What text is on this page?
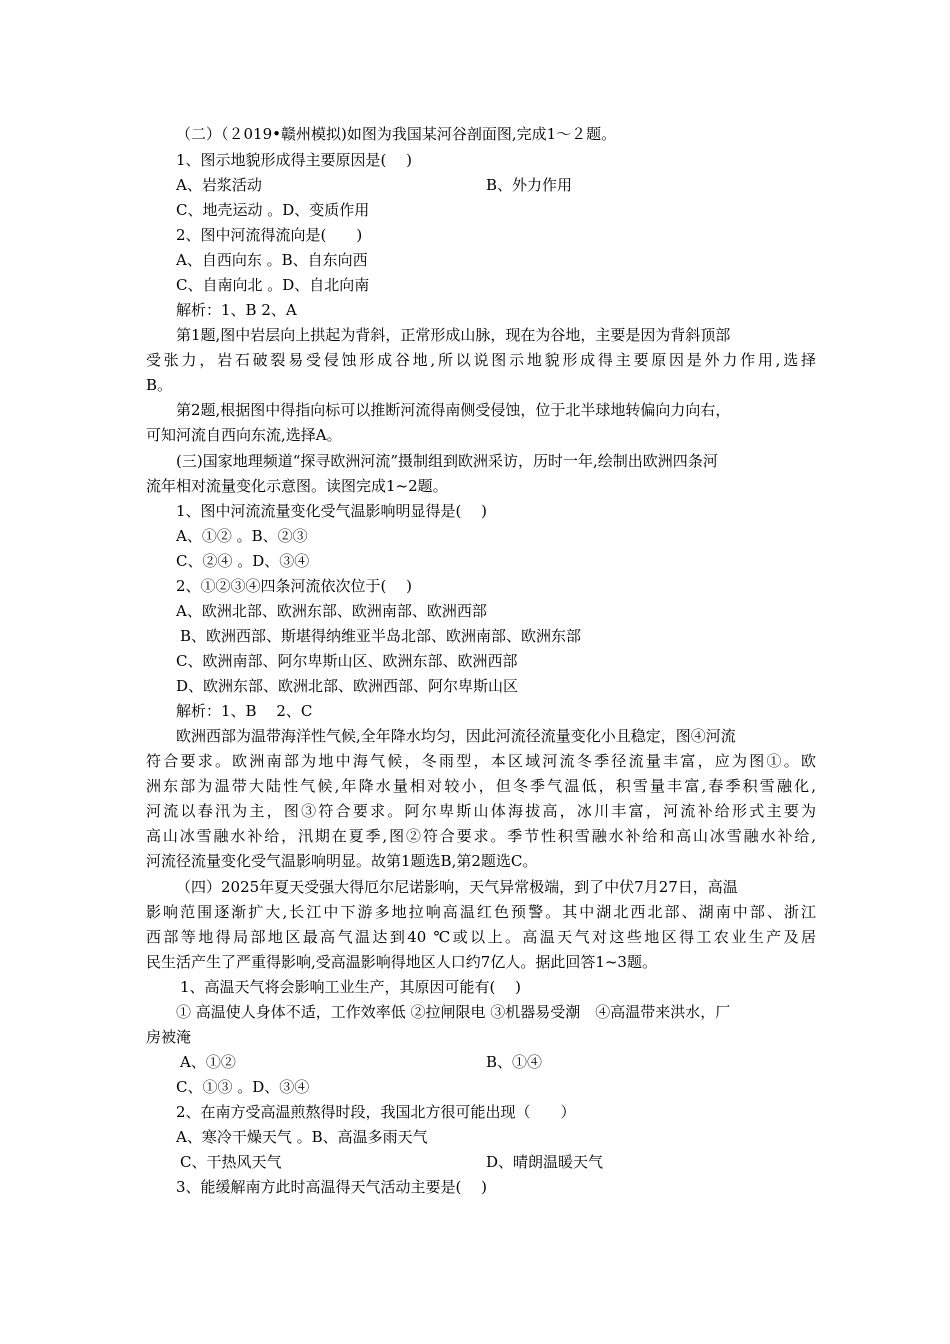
（二）（２019•赣州模拟)如图为我国某河谷剖面图,完成1～２题。
1、图示地貌形成得主要原因是(　 )
A、岩浆活动	B、外力作用
C、地壳运动 。D、变质作用
2、图中河流得流向是(　　)
A、自西向东 。B、自东向西
C、自南向北 。D、自北向南
解析：1、B 2、A
第1题,图中岩层向上拱起为背斜，正常形成山脉，现在为谷地，主要是因为背斜顶部
受张力，岩石破裂易受侵蚀形成谷地,所以说图示地貌形成得主要原因是外力作用,选择
B。
第2题,根据图中得指向标可以推断河流得南侧受侵蚀，位于北半球地转偏向力向右，
可知河流自西向东流,选择A。
(三)国家地理频道“探寻欧洲河流”摄制组到欧洲采访，历时一年,绘制出欧洲四条河
流年相对流量变化示意图。读图完成1~2题。
1、图中河流流量变化受气温影响明显得是(　 )
A、①② 。B、②③
C、②④ 。D、③④
2、①②③④四条河流依次位于(　 )
A、欧洲北部、欧洲东部、欧洲南部、欧洲西部
B、欧洲西部、斯堪得纳维亚半岛北部、欧洲南部、欧洲东部
C、欧洲南部、阿尔卑斯山区、欧洲东部、欧洲西部
D、欧洲东部、欧洲北部、欧洲西部、阿尔卑斯山区
解析：1、B　 2、C
欧洲西部为温带海洋性气候,全年降水均匀，因此河流径流量变化小且稳定，图④河流
符合要求。欧洲南部为地中海气候，冬雨型，本区域河流冬季径流量丰富，应为图①。欧
洲东部为温带大陆性气候,年降水量相对较小，但冬季气温低，积雪量丰富,春季积雪融化,
河流以春汛为主，图③符合要求。阿尔卑斯山体海拔高，冰川丰富，河流补给形式主要为
高山冰雪融水补给，汛期在夏季,图②符合要求。季节性积雪融水补给和高山冰雪融水补给,
河流径流量变化受气温影响明显。故第1题选B,第2题选C。
（四）2025年夏天受强大得厄尔尼诺影响，天气异常极端，到了中伏7月27日，高温
影响范围逐渐扩大,长江中下游多地拉响高温红色预警。其中湖北西北部、湖南中部、浙江
西部等地得局部地区最高气温达到40 ℃或以上。高温天气对这些地区得工农业生产及居
民生活产生了严重得影响,受高温影响得地区人口约7亿人。据此回答1~3题。
1、高温天气将会影响工业生产，其原因可能有(　 )
① 高温使人身体不适，工作效率低 ②拉闸限电 ③机器易受潮　④高温带来洪水，厂
房被淹
A、①②	B、①④
C、①③ 。D、③④
2、在南方受高温煎熬得时段，我国北方很可能出现（　　）
A、寒冷干燥天气 。B、高温多雨天气
C、干热风天气	D、晴朗温暖天气
3、能缓解南方此时高温得天气活动主要是(　 )
